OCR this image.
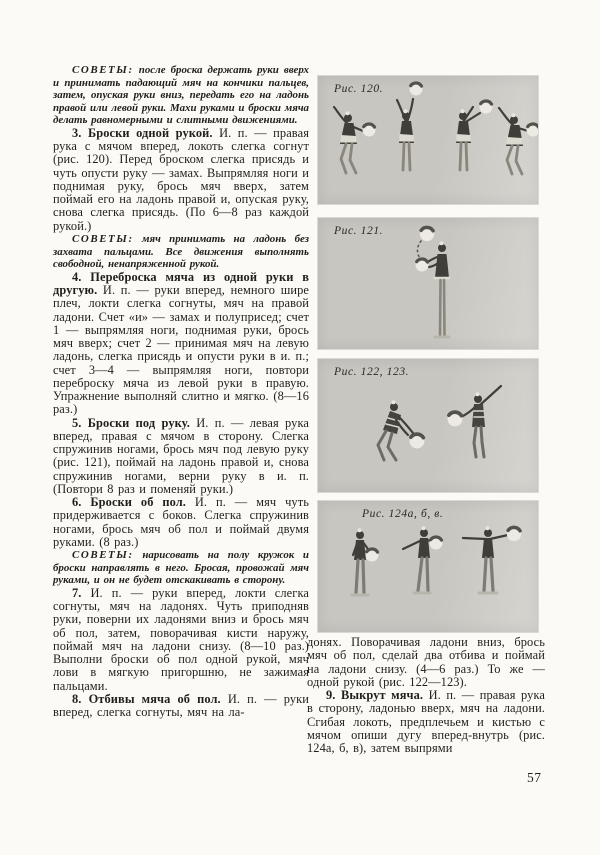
СОВЕТЫ: после броска держать руки вверх и принимать падающий мяч на кончики пальцев, затем, опуская руки вниз, передать его на ладонь правой или левой руки. Махи руками и броски мяча делать равномерными и слитными движениями.

3. Броски одной рукой. И. п. — правая рука с мячом вперед, локоть слегка согнут (рис. 120). Перед броском слегка присядь и чуть опусти руку — замах. Выпрямляя ноги и поднимая руку, брось мяч вверх, затем поймай его на ладонь правой и, опуская руку, снова слегка присядь. (По 6—8 раз каждой рукой.)

СОВЕТЫ: мяч принимать на ладонь без захвата пальцами. Все движения выполнять свободной, ненапряженной рукой.

4. Переброска мяча из одной руки в другую. И. п. — руки вперед, немного шире плеч, локти слегка согнуты, мяч на правой ладони. Счет «и» — замах и полуприсед; счет 1 — выпрямляя ноги, поднимая руки, брось мяч вверх; счет 2 — принимая мяч на левую ладонь, слегка присядь и опусти руки в и. п.; счет 3—4 — выпрямляя ноги, повтори переброску мяча из левой руки в правую. Упражнение выполняй слитно и мягко. (8—16 раз.)

5. Броски под руку. И. п. — левая рука вперед, правая с мячом в сторону. Слегка спружинив ногами, брось мяч под левую руку (рис. 121), поймай на ладонь правой и, снова спружинив ногами, верни руку в и. п. (Повтори 8 раз и поменяй руки.)

6. Броски об пол. И. п. — мяч чуть придерживается с боков. Слегка спружинив ногами, брось мяч об пол и поймай двумя руками. (8 раз.)

СОВЕТЫ: нарисовать на полу кружок и броски направлять в него. Бросая, провожай мяч руками, и он не будет отскакивать в сторону.

7. И. п. — руки вперед, локти слегка согнуты, мяч на ладонях. Чуть приподняв руки, поверни их ладонями вниз и брось мяч об пол, затем, поворачивая кисти наружу, поймай мяч на ладони снизу. (8—10 раз.) Выполни броски об пол одной рукой, мяч лови в мягкую пригоршню, не зажимая пальцами.

8. Отбивы мяча об пол. И. п. — руки вперед, слегка согнуты, мяч на ла-

Рис. 120.
Рис. 121.
Рис. 122, 123.
Рис. 124а, б, в.

донях. Поворачивая ладони вниз, брось мяч об пол, сделай два отбива и поймай на ладони снизу. (4—6 раз.) То же — одной рукой (рис. 122—123).

9. Выкрут мяча. И. п. — правая рука в сторону, ладонью вверх, мяч на ладони. Сгибая локоть, предплечьем и кистью с мячом опиши дугу вперед-внутрь (рис. 124а, б, в), затем выпрями

57
